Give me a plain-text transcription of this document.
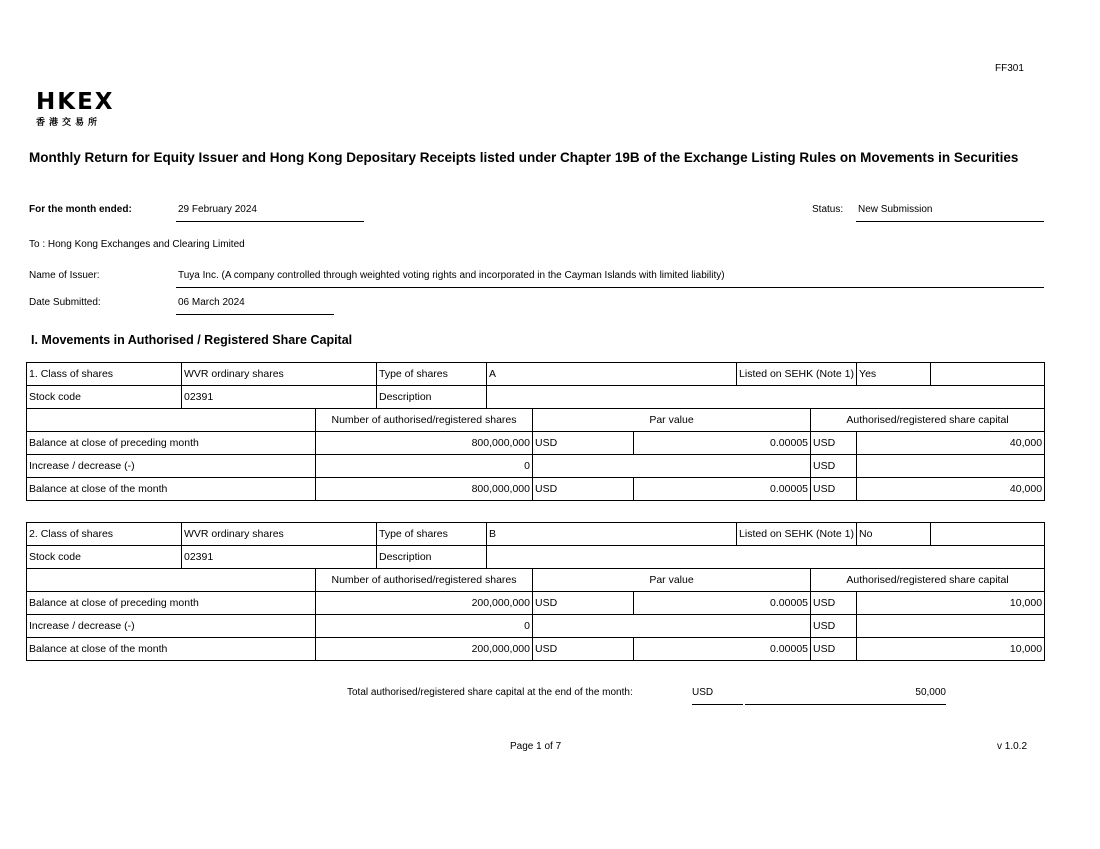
FF301
HKEX
香港交易所
Monthly Return for Equity Issuer and Hong Kong Depositary Receipts listed under Chapter 19B of the Exchange Listing Rules on Movements in Securities
For the month ended:	29 February 2024	Status: New Submission
To : Hong Kong Exchanges and Clearing Limited
Name of Issuer:	Tuya Inc. (A company controlled through weighted voting rights and incorporated in the Cayman Islands with limited liability)
Date Submitted:	06 March 2024
I. Movements in Authorised / Registered Share Capital
1. Class of shares	WVR ordinary shares		Type of shares	A			Listed on SEHK (Note 1)		Yes	
Stock code	02391		Description							
		Number of authorised/registered shares			Par value			Authorised/registered share capital		
Balance at close of preceding month		800,000,000			USD	0.00005		USD	40,000	
Increase / decrease (-)		0						USD		
Balance at close of the month		800,000,000			USD	0.00005		USD	40,000	
2. Class of shares	WVR ordinary shares		Type of shares	B			Listed on SEHK (Note 1)		No	
Stock code	02391		Description							
		Number of authorised/registered shares			Par value			Authorised/registered share capital		
Balance at close of preceding month		200,000,000			USD	0.00005		USD	10,000	
Increase / decrease (-)		0						USD		
Balance at close of the month		200,000,000			USD	0.00005		USD	10,000	
Total authorised/registered share capital at the end of the month:	USD	50,000
Page 1 of 7	v 1.0.2
